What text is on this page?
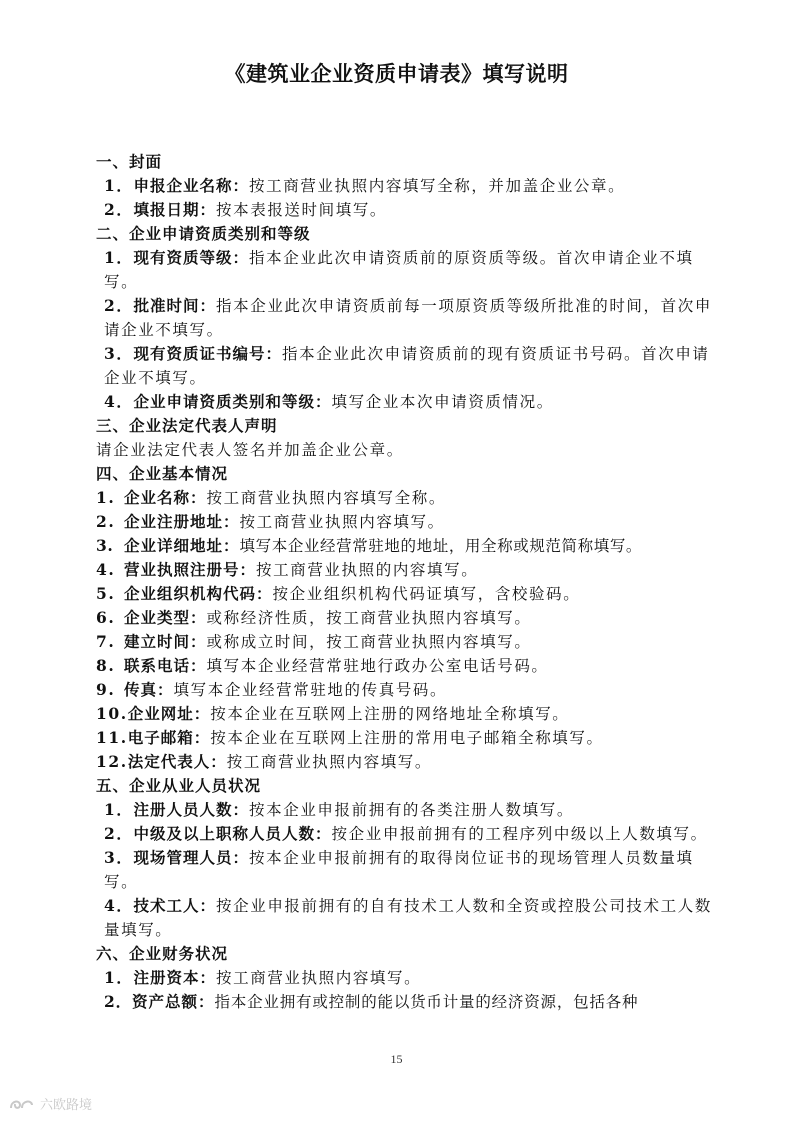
《建筑业企业资质申请表》填写说明
一、封面
1．申报企业名称：按工商营业执照内容填写全称，并加盖企业公章。
2．填报日期：按本表报送时间填写。
二、企业申请资质类别和等级
1．现有资质等级：指本企业此次申请资质前的原资质等级。首次申请企业不填写。
2．批准时间：指本企业此次申请资质前每一项原资质等级所批准的时间，首次申请企业不填写。
3．现有资质证书编号：指本企业此次申请资质前的现有资质证书号码。首次申请企业不填写。
4．企业申请资质类别和等级：填写企业本次申请资质情况。
三、企业法定代表人声明
请企业法定代表人签名并加盖企业公章。
四、企业基本情况
1. 企业名称：按工商营业执照内容填写全称。
2. 企业注册地址：按工商营业执照内容填写。
3. 企业详细地址：填写本企业经营常驻地的地址，用全称或规范简称填写。
4. 营业执照注册号：按工商营业执照的内容填写。
5. 企业组织机构代码：按企业组织机构代码证填写，含校验码。
6. 企业类型：或称经济性质，按工商营业执照内容填写。
7. 建立时间：或称成立时间，按工商营业执照内容填写。
8. 联系电话：填写本企业经营常驻地行政办公室电话号码。
9. 传真：填写本企业经营常驻地的传真号码。
10.企业网址：按本企业在互联网上注册的网络地址全称填写。
11.电子邮箱：按本企业在互联网上注册的常用电子邮箱全称填写。
12.法定代表人：按工商营业执照内容填写。
五、企业从业人员状况
1．注册人员人数：按本企业申报前拥有的各类注册人数填写。
2．中级及以上职称人员人数：按企业申报前拥有的工程序列中级以上人数填写。
3．现场管理人员：按本企业申报前拥有的取得岗位证书的现场管理人员数量填写。
4．技术工人：按企业申报前拥有的自有技术工人数和全资或控股公司技术工人数量填写。
六、企业财务状况
1．注册资本：按工商营业执照内容填写。
2．资产总额：指本企业拥有或控制的能以货币计量的经济资源，包括各种
15
六欧路境
